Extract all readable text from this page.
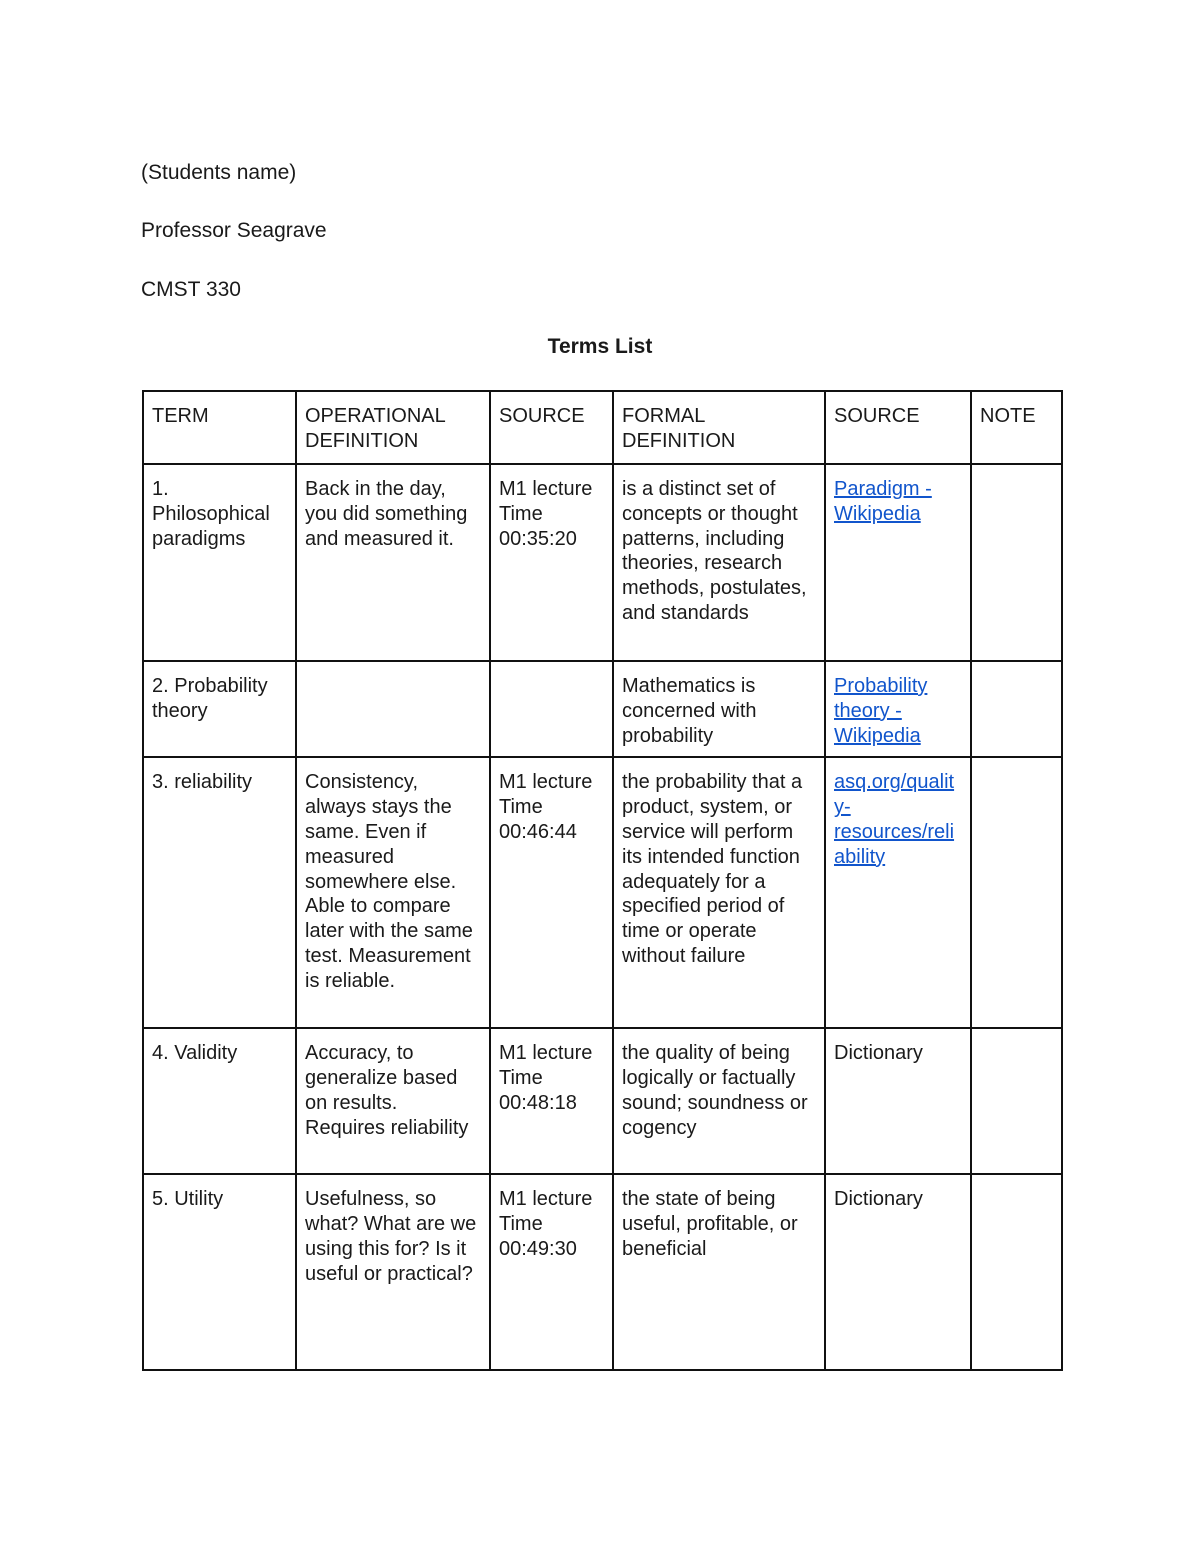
(Students name)

Professor Seagrave

CMST 330

Terms List
TERM	OPERATIONAL DEFINITION	SOURCE	FORMAL DEFINITION	SOURCE	NOTE
1. Philosophical paradigms	Back in the day, you did something and measured it.	M1 lecture Time 00:35:20	is a distinct set of concepts or thought patterns, including theories, research methods, postulates, and standards	Paradigm - Wikipedia	
2. Probability theory			Mathematics is concerned with probability	Probability theory - Wikipedia	
3. reliability	Consistency, always stays the same. Even if measured somewhere else. Able to compare later with the same test. Measurement is reliable.	M1 lecture Time 00:46:44	the probability that a product, system, or service will perform its intended function adequately for a specified period of time or operate without failure	asq.org/quality-resources/reliability	
4. Validity	Accuracy, to generalize based on results. Requires reliability	M1 lecture Time 00:48:18	the quality of being logically or factually sound; soundness or cogency	Dictionary	
5. Utility	Usefulness, so what? What are we using this for? Is it useful or practical?	M1 lecture Time 00:49:30	the state of being useful, profitable, or beneficial	Dictionary	
